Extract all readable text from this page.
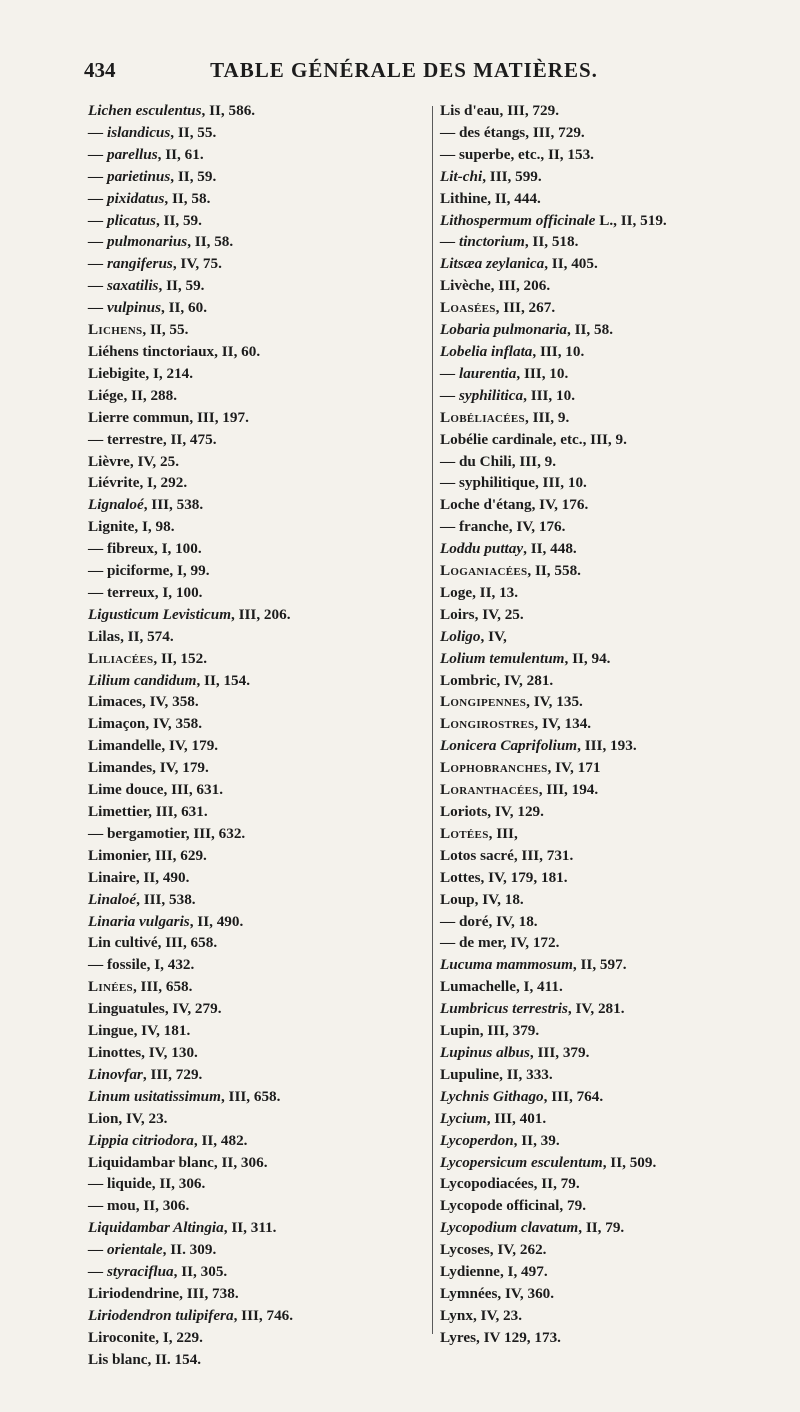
434	TABLE GÉNÉRALE DES MATIÈRES.
Lichen esculentus, II, 586.
— islandicus, II, 55.
— parellus, II, 61.
— parietinus, II, 59.
— pixidatus, II, 58.
— plicatus, II, 59.
— pulmonarius, II, 58.
— rangiferus, IV, 75.
— saxatilis, II, 59.
— vulpinus, II, 60.
Lichens, II, 55.
Liéhens tinctoriaux, II, 60.
Liebigite, I, 214.
Liége, II, 288.
Lierre commun, III, 197.
— terrestre, II, 475.
Lièvre, IV, 25.
Liévrite, I, 292.
Lignaloé, III, 538.
Lignite, I, 98.
— fibreux, I, 100.
— piciforme, I, 99.
— terreux, I, 100.
Ligusticum Levisticum, III, 206.
Lilas, II, 574.
Liliacées, II, 152.
Lilium candidum, II, 154.
Limaces, IV, 358.
Limaçon, IV, 358.
Limandelle, IV, 179.
Limandes, IV, 179.
Lime douce, III, 631.
Limettier, III, 631.
— bergamotier, III, 632.
Limonier, III, 629.
Linaire, II, 490.
Linaloé, III, 538.
Linaria vulgaris, II, 490.
Lin cultivé, III, 658.
— fossile, I, 432.
Linées, III, 658.
Linguatules, IV, 279.
Lingue, IV, 181.
Linottes, IV, 130.
Linovfar, III, 729.
Linum usitatissimum, III, 658.
Lion, IV, 23.
Lippia citriodora, II, 482.
Liquidambar blanc, II, 306.
— liquide, II, 306.
— mou, II, 306.
Liquidambar Altingia, II, 311.
— orientale, II. 309.
— styraciflua, II, 305.
Liriodendrine, III, 738.
Liriodendron tulipifera, III, 746.
Liroconite, I, 229.
Lis blanc, II. 154.
Lis d'eau, III, 729.
— des étangs, III, 729.
— superbe, etc., II, 153.
Lit-chi, III, 599.
Lithine, II, 444.
Lithospermum officinale L., II, 519.
— tinctorium, II, 518.
Litsæa zeylanica, II, 405.
Livèche, III, 206.
Loasées, III, 267.
Lobaria pulmonaria, II, 58.
Lobelia inflata, III, 10.
— laurentia, III, 10.
— syphilitica, III, 10.
Lobéliacées, III, 9.
Lobélie cardinale, etc., III, 9.
— du Chili, III, 9.
— syphilitique, III, 10.
Loche d'étang, IV, 176.
— franche, IV, 176.
Loddu puttay, II, 448.
Loganiacées, II, 558.
Loge, II, 13.
Loirs, IV, 25.
Loligo, IV,
Lolium temulentum, II, 94.
Lombric, IV, 281.
Longipennes, IV, 135.
Longirostres, IV, 134.
Lonicera Caprifolium, III, 193.
Lophobranches, IV, 171
Loranthacées, III, 194.
Loriots, IV, 129.
Lotées, III,
Lotos sacré, III, 731.
Lottes, IV, 179, 181.
Loup, IV, 18.
— doré, IV, 18.
— de mer, IV, 172.
Lucuma mammosum, II, 597.
Lumachelle, I, 411.
Lumbricus terrestris, IV, 281.
Lupin, III, 379.
Lupinus albus, III, 379.
Lupuline, II, 333.
Lychnis Githago, III, 764.
Lycium, III, 401.
Lycoperdon, II, 39.
Lycopersicum esculentum, II, 509.
Lycopodiacées, II, 79.
Lycopode officinal, 79.
Lycopodium clavatum, II, 79.
Lycoses, IV, 262.
Lydienne, I, 497.
Lymnées, IV, 360.
Lynx, IV, 23.
Lyres, IV 129, 173.
